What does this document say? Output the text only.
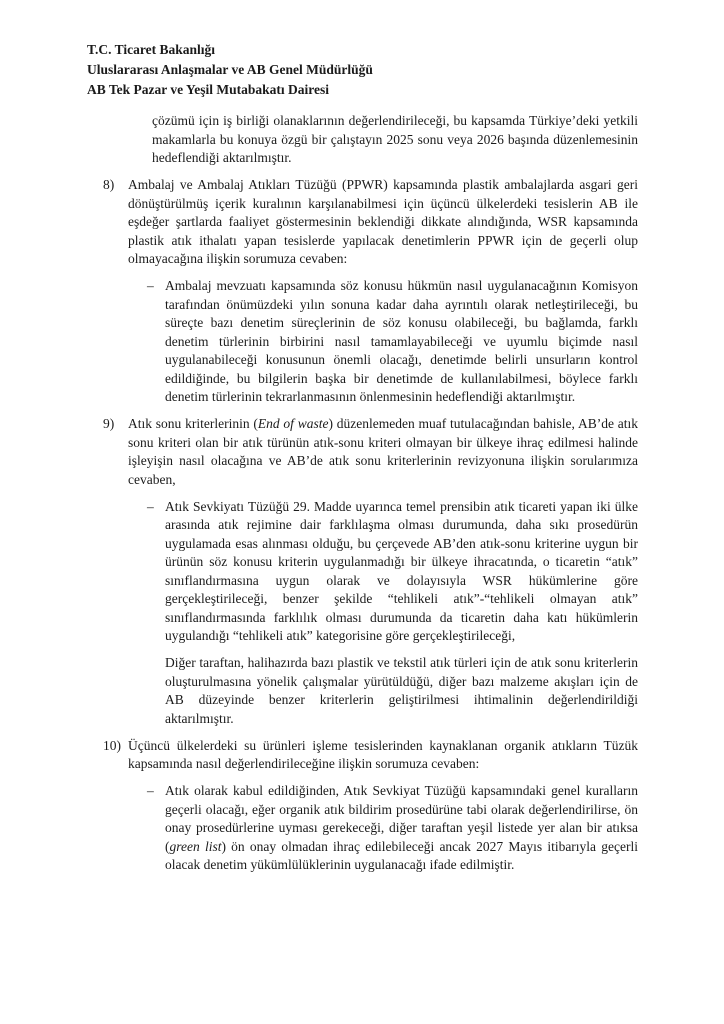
T.C. Ticaret Bakanlığı
Uluslararası Anlaşmalar ve AB Genel Müdürlüğü
AB Tek Pazar ve Yeşil Mutabakatı Dairesi
çözümü için iş birliği olanaklarının değerlendirileceği, bu kapsamda Türkiye’deki yetkili makamlarla bu konuya özgü bir çalıştayın 2025 sonu veya 2026 başında düzenlemesinin hedeflendiği aktarılmıştır.
8)	Ambalaj ve Ambalaj Atıkları Tüzüğü (PPWR) kapsamında plastik ambalajlarda asgari geri dönüştürülmüş içerik kuralının karşılanabilmesi için üçüncü ülkelerdeki tesislerin AB ile eşdeğer şartlarda faaliyet göstermesinin beklendiği dikkate alındığında, WSR kapsamında plastik atık ithalatı yapan tesislerde yapılacak denetimlerin PPWR için de geçerli olup olmayacağına ilişkin sorumuza cevaben:
– Ambalaj mevzuatı kapsamında söz konusu hükmün nasıl uygulanacağının Komisyon tarafından önümüzdeki yılın sonuna kadar daha ayrıntılı olarak netleştirileceği, bu süreçte bazı denetim süreçlerinin de söz konusu olabileceği, bu bağlamda, farklı denetim türlerinin birbirini nasıl tamamlayabileceği ve uyumlu biçimde nasıl uygulanabileceği konusunun önemli olacağı, denetimde belirli unsurların kontrol edildiğinde, bu bilgilerin başka bir denetimde de kullanılabilmesi, böylece farklı denetim türlerinin tekrarlanmasının önlenmesinin hedeflendiği aktarılmıştır.
9)	Atık sonu kriterlerinin (End of waste) düzenlemeden muaf tutulacağından bahisle, AB’de atık sonu kriteri olan bir atık türünün atık-sonu kriteri olmayan bir ülkeye ihraç edilmesi halinde işleyişin nasıl olacağına ve AB’de atık sonu kriterlerinin revizyonuna ilişkin sorularımıza cevaben,
– Atık Sevkiyatı Tüzüğü 29. Madde uyarınca temel prensibin atık ticareti yapan iki ülke arasında atık rejimine dair farklılaşma olması durumunda, daha sıkı prosedürün uygulamada esas alınması olduğu, bu çerçevede AB’den atık-sonu kriterine uygun bir ürünün söz konusu kriterin uygulanmadığı bir ülkeye ihracatında, o ticaretin “atık” sınıflandırmasına uygun olarak ve dolayısıyla WSR hükümlerine göre gerçekleştirileceği, benzer şekilde “tehlikeli atık”-“tehlikeli olmayan atık” sınıflandırmasında farklılık olması durumunda da ticaretin daha katı hükümlerin uygulandığı “tehlikeli atık” kategorisine göre gerçekleştirileceği,
Diğer taraftan, halihazırda bazı plastik ve tekstil atık türleri için de atık sonu kriterlerin oluşturulmasına yönelik çalışmalar yürütüldüğü, diğer bazı malzeme akışları için de AB düzeyinde benzer kriterlerin geliştirilmesi ihtimalinin değerlendirildiği aktarılmıştır.
10) Üçüncü ülkelerdeki su ürünleri işleme tesislerinden kaynaklanan organik atıkların Tüzük kapsamında nasıl değerlendirileceğine ilişkin sorumuza cevaben:
– Atık olarak kabul edildiğinden, Atık Sevkiyat Tüzüğü kapsamındaki genel kuralların geçerli olacağı, eğer organik atık bildirim prosedürüne tabi olarak değerlendirilirse, ön onay prosedürlerine uyması gerekeceği, diğer taraftan yeşil listede yer alan bir atıksa (green list) ön onay olmadan ihraç edilebileceği ancak 2027 Mayıs itibarıyla geçerli olacak denetim yükümlülüklerinin uygulanacağı ifade edilmiştir.
